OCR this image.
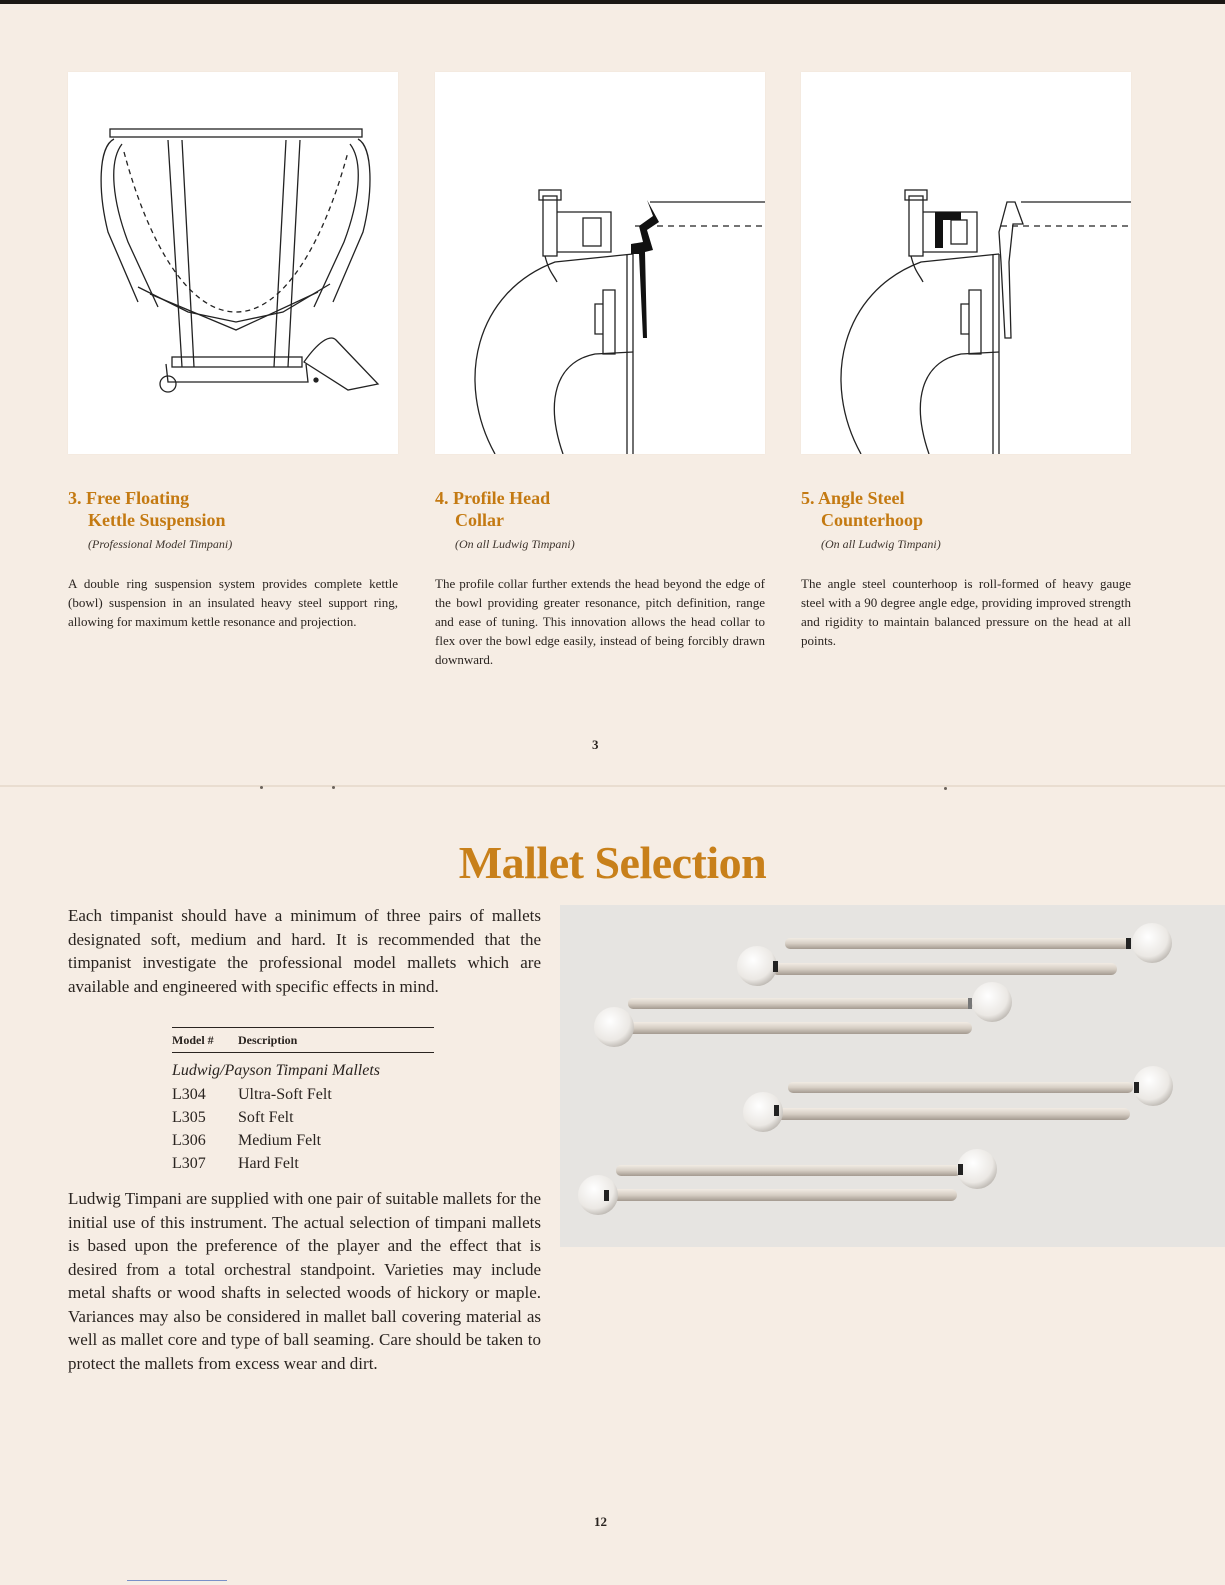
3. Free Floating
Kettle Suspension
(Professional Model Timpani)

A double ring suspension system provides complete kettle (bowl) suspension in an insulated heavy steel support ring, allowing for maximum kettle resonance and projection.

4. Profile Head
Collar
(On all Ludwig Timpani)

The profile collar further extends the head beyond the edge of the bowl providing greater resonance, pitch definition, range and ease of tuning. This innovation allows the head collar to flex over the bowl edge easily, instead of being forcibly drawn downward.

5. Angle Steel
Counterhoop
(On all Ludwig Timpani)

The angle steel counterhoop is roll-formed of heavy gauge steel with a 90 degree angle edge, providing improved strength and rigidity to maintain balanced pressure on the head at all points.

3
Mallet Selection

Each timpanist should have a minimum of three pairs of mallets designated soft, medium and hard. It is recommended that the timpanist investigate the professional model mallets which are available and engineered with specific effects in mind.

Model #	Description
Ludwig/Payson Timpani Mallets
L304	Ultra-Soft Felt
L305	Soft Felt
L306	Medium Felt
L307	Hard Felt

Ludwig Timpani are supplied with one pair of suitable mallets for the initial use of this instrument. The actual selection of timpani mallets is based upon the preference of the player and the effect that is desired from a total orchestral standpoint. Varieties may include metal shafts or wood shafts in selected woods of hickory or maple. Variances may also be considered in mallet ball covering material as well as mallet core and type of ball seaming. Care should be taken to protect the mallets from excess wear and dirt.

12
